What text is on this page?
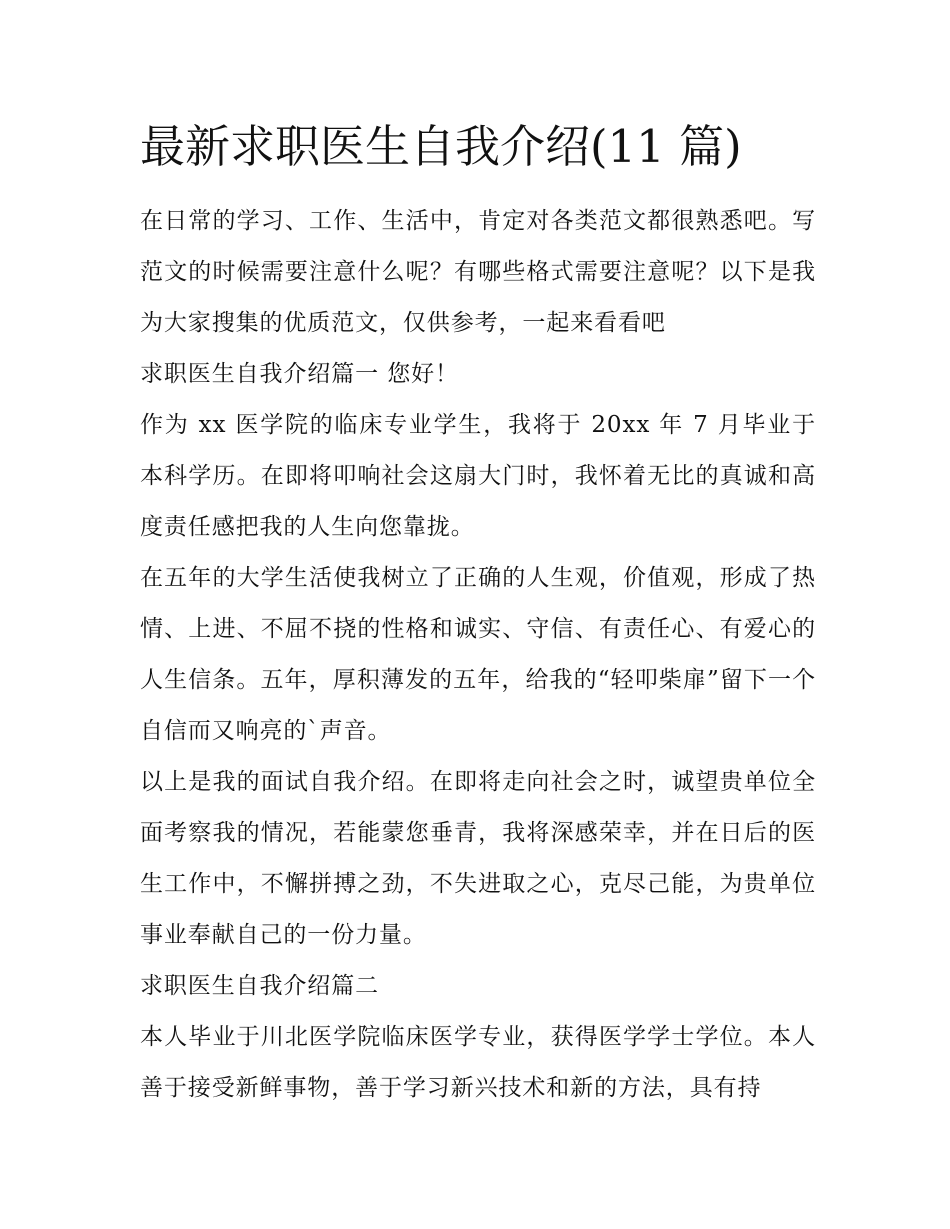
最新求职医生自我介绍(11 篇)

在日常的学习、工作、生活中，肯定对各类范文都很熟悉吧。写范文的时候需要注意什么呢？有哪些格式需要注意呢？以下是我为大家搜集的优质范文，仅供参考，一起来看看吧

求职医生自我介绍篇一 您好！

作为 xx 医学院的临床专业学生，我将于 20xx 年 7 月毕业于本科学历。在即将叩响社会这扇大门时，我怀着无比的真诚和高度责任感把我的人生向您靠拢。

在五年的大学生活使我树立了正确的人生观，价值观，形成了热情、上进、不屈不挠的性格和诚实、守信、有责任心、有爱心的人生信条。五年，厚积薄发的五年，给我的“轻叩柴扉”留下一个自信而又响亮的`声音。

以上是我的面试自我介绍。在即将走向社会之时，诚望贵单位全面考察我的情况，若能蒙您垂青，我将深感荣幸，并在日后的医生工作中，不懈拼搏之劲，不失进取之心，克尽己能，为贵单位事业奉献自己的一份力量。

求职医生自我介绍篇二

本人毕业于川北医学院临床医学专业，获得医学学士学位。本人善于接受新鲜事物，善于学习新兴技术和新的方法，具有持
